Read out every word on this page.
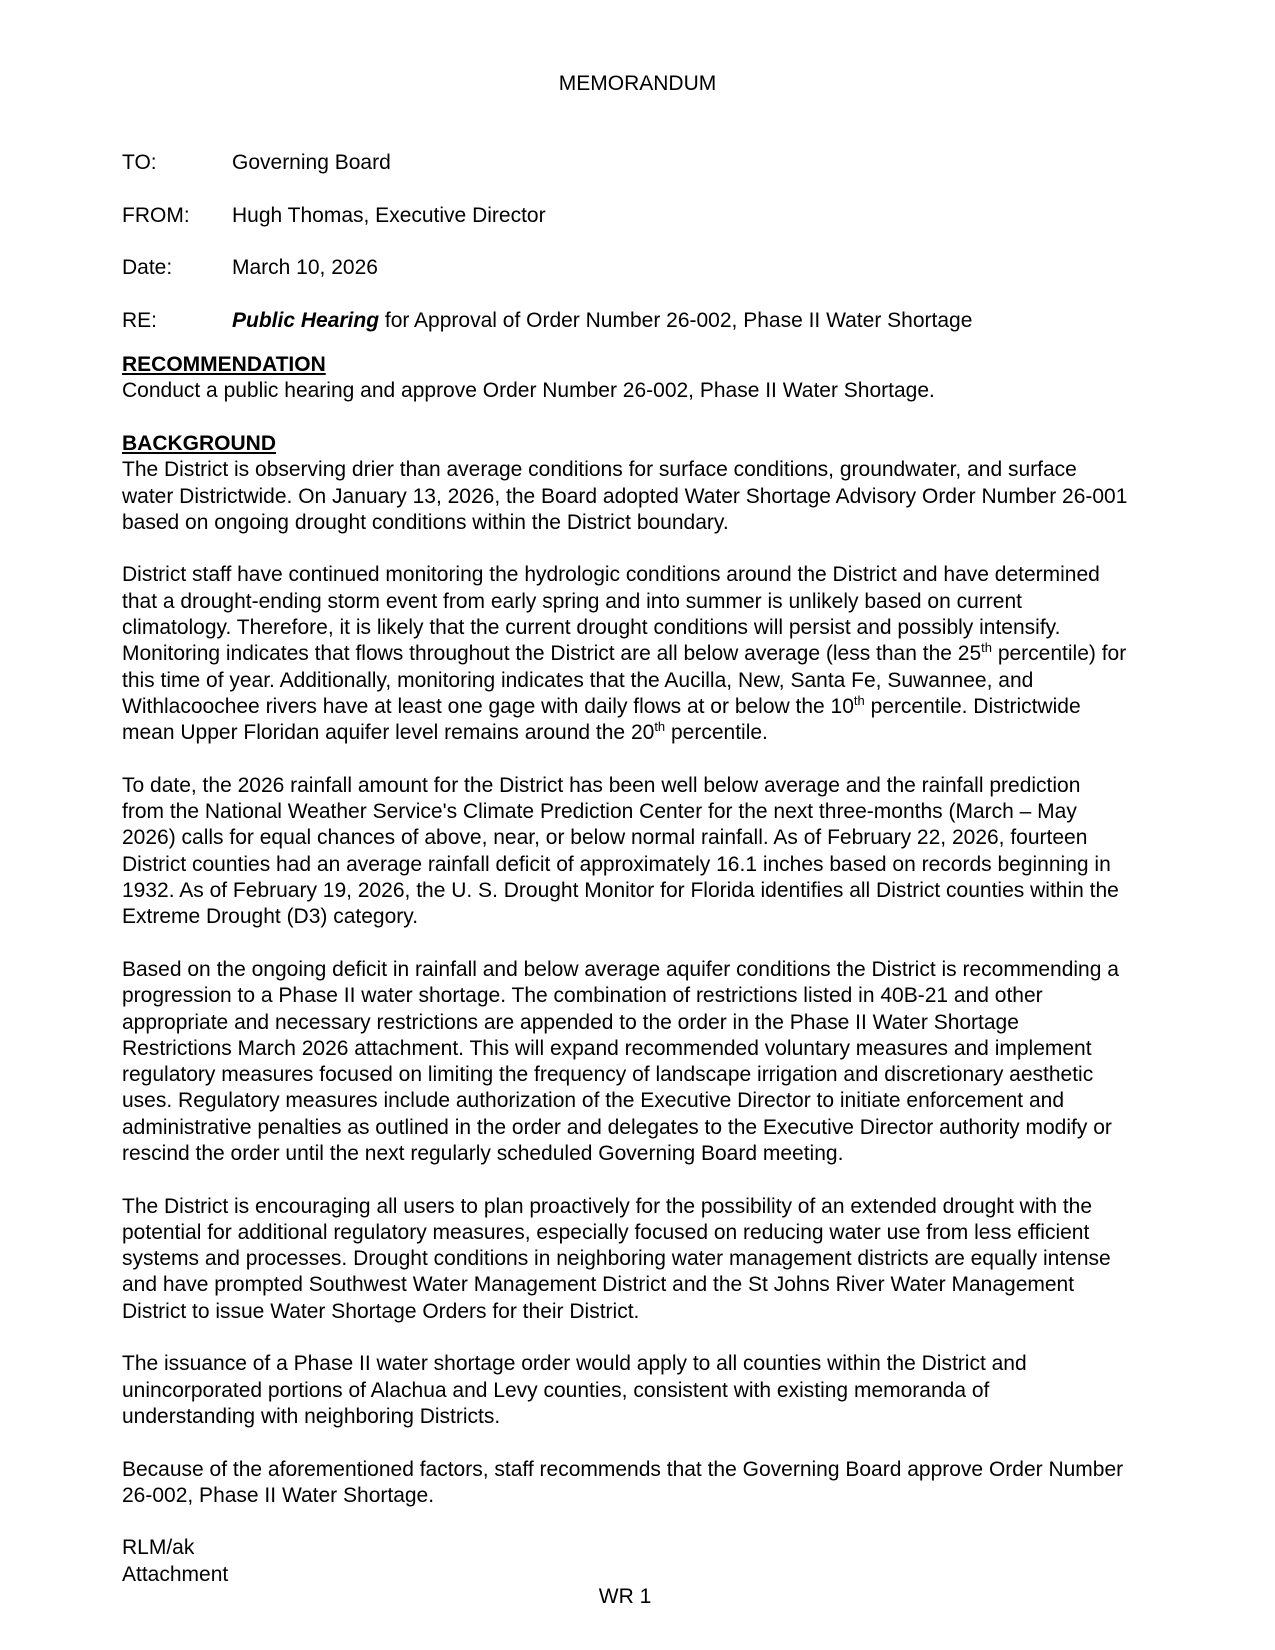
MEMORANDUM
TO:	Governing Board
FROM:	Hugh Thomas, Executive Director
Date:	March 10, 2026
RE:	Public Hearing for Approval of Order Number 26-002, Phase II Water Shortage

RECOMMENDATION

Conduct a public hearing and approve Order Number 26-002, Phase II Water Shortage.

BACKGROUND

The District is observing drier than average conditions for surface conditions, groundwater, and surface water Districtwide. On January 13, 2026, the Board adopted Water Shortage Advisory Order Number 26-001 based on ongoing drought conditions within the District boundary.

District staff have continued monitoring the hydrologic conditions around the District and have determined that a drought-ending storm event from early spring and into summer is unlikely based on current climatology. Therefore, it is likely that the current drought conditions will persist and possibly intensify. Monitoring indicates that flows throughout the District are all below average (less than the 25th percentile) for this time of year. Additionally, monitoring indicates that the Aucilla, New, Santa Fe, Suwannee, and Withlacoochee rivers have at least one gage with daily flows at or below the 10th percentile. Districtwide mean Upper Floridan aquifer level remains around the 20th percentile.

To date, the 2026 rainfall amount for the District has been well below average and the rainfall prediction from the National Weather Service's Climate Prediction Center for the next three-months (March – May 2026) calls for equal chances of above, near, or below normal rainfall. As of February 22, 2026, fourteen District counties had an average rainfall deficit of approximately 16.1 inches based on records beginning in 1932. As of February 19, 2026, the U. S. Drought Monitor for Florida identifies all District counties within the Extreme Drought (D3) category.

Based on the ongoing deficit in rainfall and below average aquifer conditions the District is recommending a progression to a Phase II water shortage. The combination of restrictions listed in 40B-21 and other appropriate and necessary restrictions are appended to the order in the Phase II Water Shortage Restrictions March 2026 attachment. This will expand recommended voluntary measures and implement regulatory measures focused on limiting the frequency of landscape irrigation and discretionary aesthetic uses. Regulatory measures include authorization of the Executive Director to initiate enforcement and administrative penalties as outlined in the order and delegates to the Executive Director authority modify or rescind the order until the next regularly scheduled Governing Board meeting.

The District is encouraging all users to plan proactively for the possibility of an extended drought with the potential for additional regulatory measures, especially focused on reducing water use from less efficient systems and processes. Drought conditions in neighboring water management districts are equally intense and have prompted Southwest Water Management District and the St Johns River Water Management District to issue Water Shortage Orders for their District.

The issuance of a Phase II water shortage order would apply to all counties within the District and unincorporated portions of Alachua and Levy counties, consistent with existing memoranda of understanding with neighboring Districts.

Because of the aforementioned factors, staff recommends that the Governing Board approve Order Number 26-002, Phase II Water Shortage.

RLM/ak

Attachment

WR 1
